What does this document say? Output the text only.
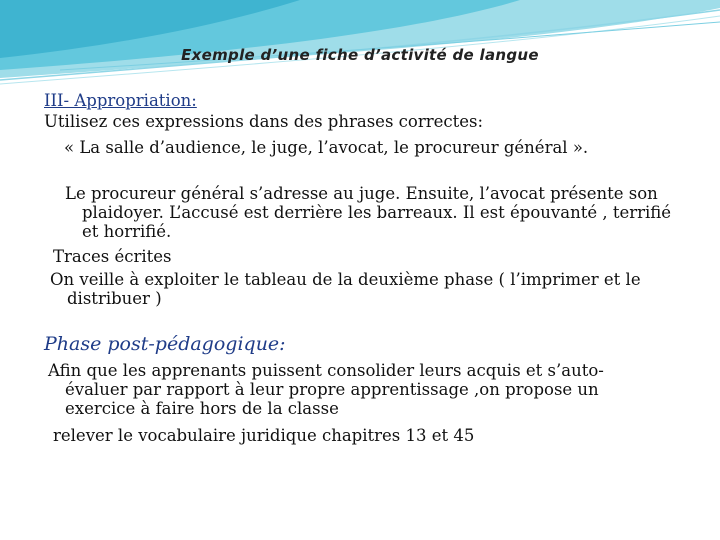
Exemple d’une fiche d’activité de langue
III- Appropriation:
Utilisez ces expressions dans des phrases correctes:
« La salle d’audience, le juge, l’avocat, le procureur général ».
Le procureur général s’adresse au juge. Ensuite, l’avocat présente son plaidoyer. L’accusé est derrière les barreaux. Il est épouvanté , terrifié et horrifié.
Traces écrites
On veille à exploiter le tableau de la deuxième phase ( l’imprimer et le distribuer )
Phase post-pédagogique:
Afin que les apprenants puissent consolider leurs acquis et s’auto-évaluer par rapport à leur propre apprentissage ,on propose un exercice à faire hors de la classe
relever le vocabulaire juridique chapitres 13 et 45
